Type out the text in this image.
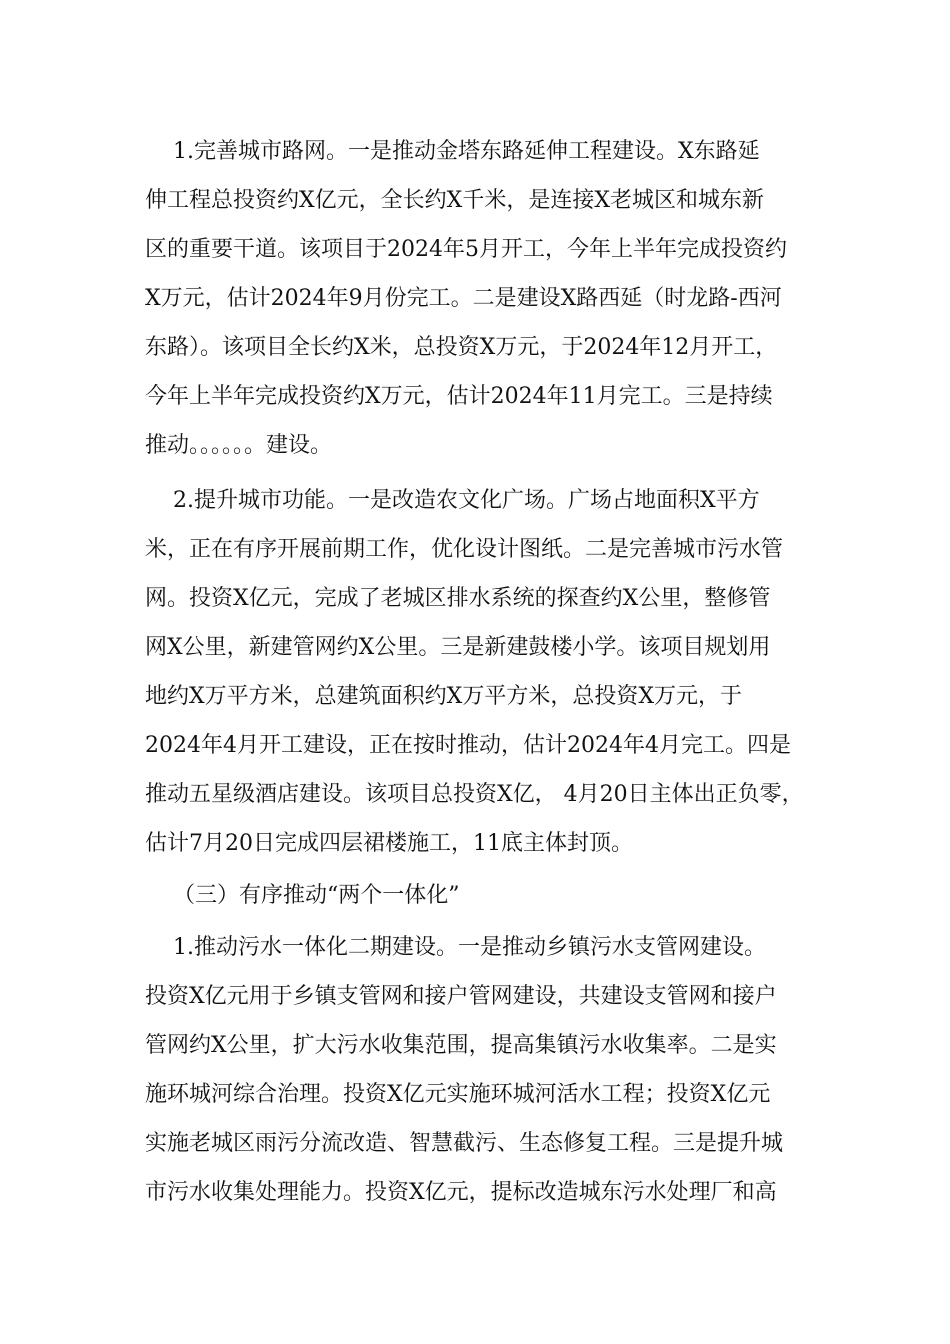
1.完善城市路网。一是推动金塔东路延伸工程建设。X东路延
伸工程总投资约X亿元，全长约X千米，是连接X老城区和城东新
区的重要干道。该项目于2024年5月开工，今年上半年完成投资约
X万元，估计2024年9月份完工。二是建设X路西延（时龙路-西河
东路）。该项目全长约X米，总投资X万元，于2024年12月开工，
今年上半年完成投资约X万元，估计2024年11月完工。三是持续
推动。。。。。。建设。
2.提升城市功能。一是改造农文化广场。广场占地面积X平方
米，正在有序开展前期工作，优化设计图纸。二是完善城市污水管
网。投资X亿元，完成了老城区排水系统的探查约X公里，整修管
网X公里，新建管网约X公里。三是新建鼓楼小学。该项目规划用
地约X万平方米，总建筑面积约X万平方米，总投资X万元，于
2024年4月开工建设，正在按时推动，估计2024年4月完工。四是
推动五星级酒店建设。该项目总投资X亿， 4月20日主体出正负零，
估计7月20日完成四层裙楼施工，11底主体封顶。
（三）有序推动“两个一体化”
1.推动污水一体化二期建设。一是推动乡镇污水支管网建设。
投资X亿元用于乡镇支管网和接户管网建设，共建设支管网和接户
管网约X公里，扩大污水收集范围，提高集镇污水收集率。二是实
施环城河综合治理。投资X亿元实施环城河活水工程；投资X亿元
实施老城区雨污分流改造、智慧截污、生态修复工程。三是提升城
市污水收集处理能力。投资X亿元，提标改造城东污水处理厂和高
